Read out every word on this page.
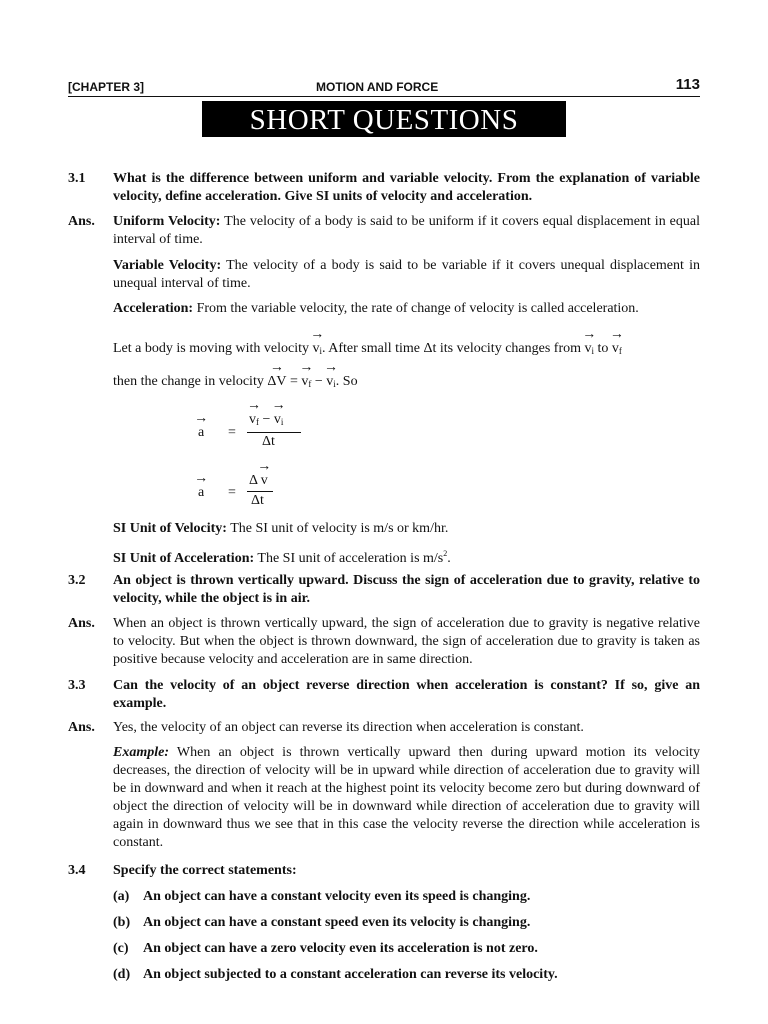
[CHAPTER 3]	MOTION AND FORCE	113
SHORT QUESTIONS
3.1 What is the difference between uniform and variable velocity. From the explanation of variable velocity, define acceleration. Give SI units of velocity and acceleration.
Ans. Uniform Velocity: The velocity of a body is said to be uniform if it covers equal displacement in equal interval of time.
Variable Velocity: The velocity of a body is said to be variable if it covers unequal displacement in unequal interval of time.
Acceleration: From the variable velocity, the rate of change of velocity is called acceleration.
Let a body is moving with velocity → $v_i$. After small time Δt its velocity changes from → $v_i$ to → $v_f$
then the change in velocity → ΔV = → $v_f$ − → $v_i$. So
→ a =
→ $v_f$ − → $v_i$
Δt
→ a =
Δ → v
Δt
SI Unit of Velocity: The SI unit of velocity is m/s or km/hr.
SI Unit of Acceleration: The SI unit of acceleration is $m/s^2$.
3.2 An object is thrown vertically upward. Discuss the sign of acceleration due to gravity, relative to velocity, while the object is in air.
Ans. When an object is thrown vertically upward, the sign of acceleration due to gravity is negative relative to velocity. But when the object is thrown downward, the sign of acceleration due to gravity is taken as positive because velocity and acceleration are in same direction.
3.3 Can the velocity of an object reverse direction when acceleration is constant? If so, give an example.
Ans. Yes, the velocity of an object can reverse its direction when acceleration is constant.
Example: When an object is thrown vertically upward then during upward motion its velocity decreases, the direction of velocity will be in upward while direction of acceleration due to gravity will be in downward and when it reach at the highest point its velocity become zero but during downward of object the direction of velocity will be in downward while direction of acceleration due to gravity will again in downward thus we see that in this case the velocity reverse the direction while acceleration is constant.
3.4 Specify the correct statements:
(a) An object can have a constant velocity even its speed is changing.
(b) An object can have a constant speed even its velocity is changing.
(c) An object can have a zero velocity even its acceleration is not zero.
(d) An object subjected to a constant acceleration can reverse its velocity.
